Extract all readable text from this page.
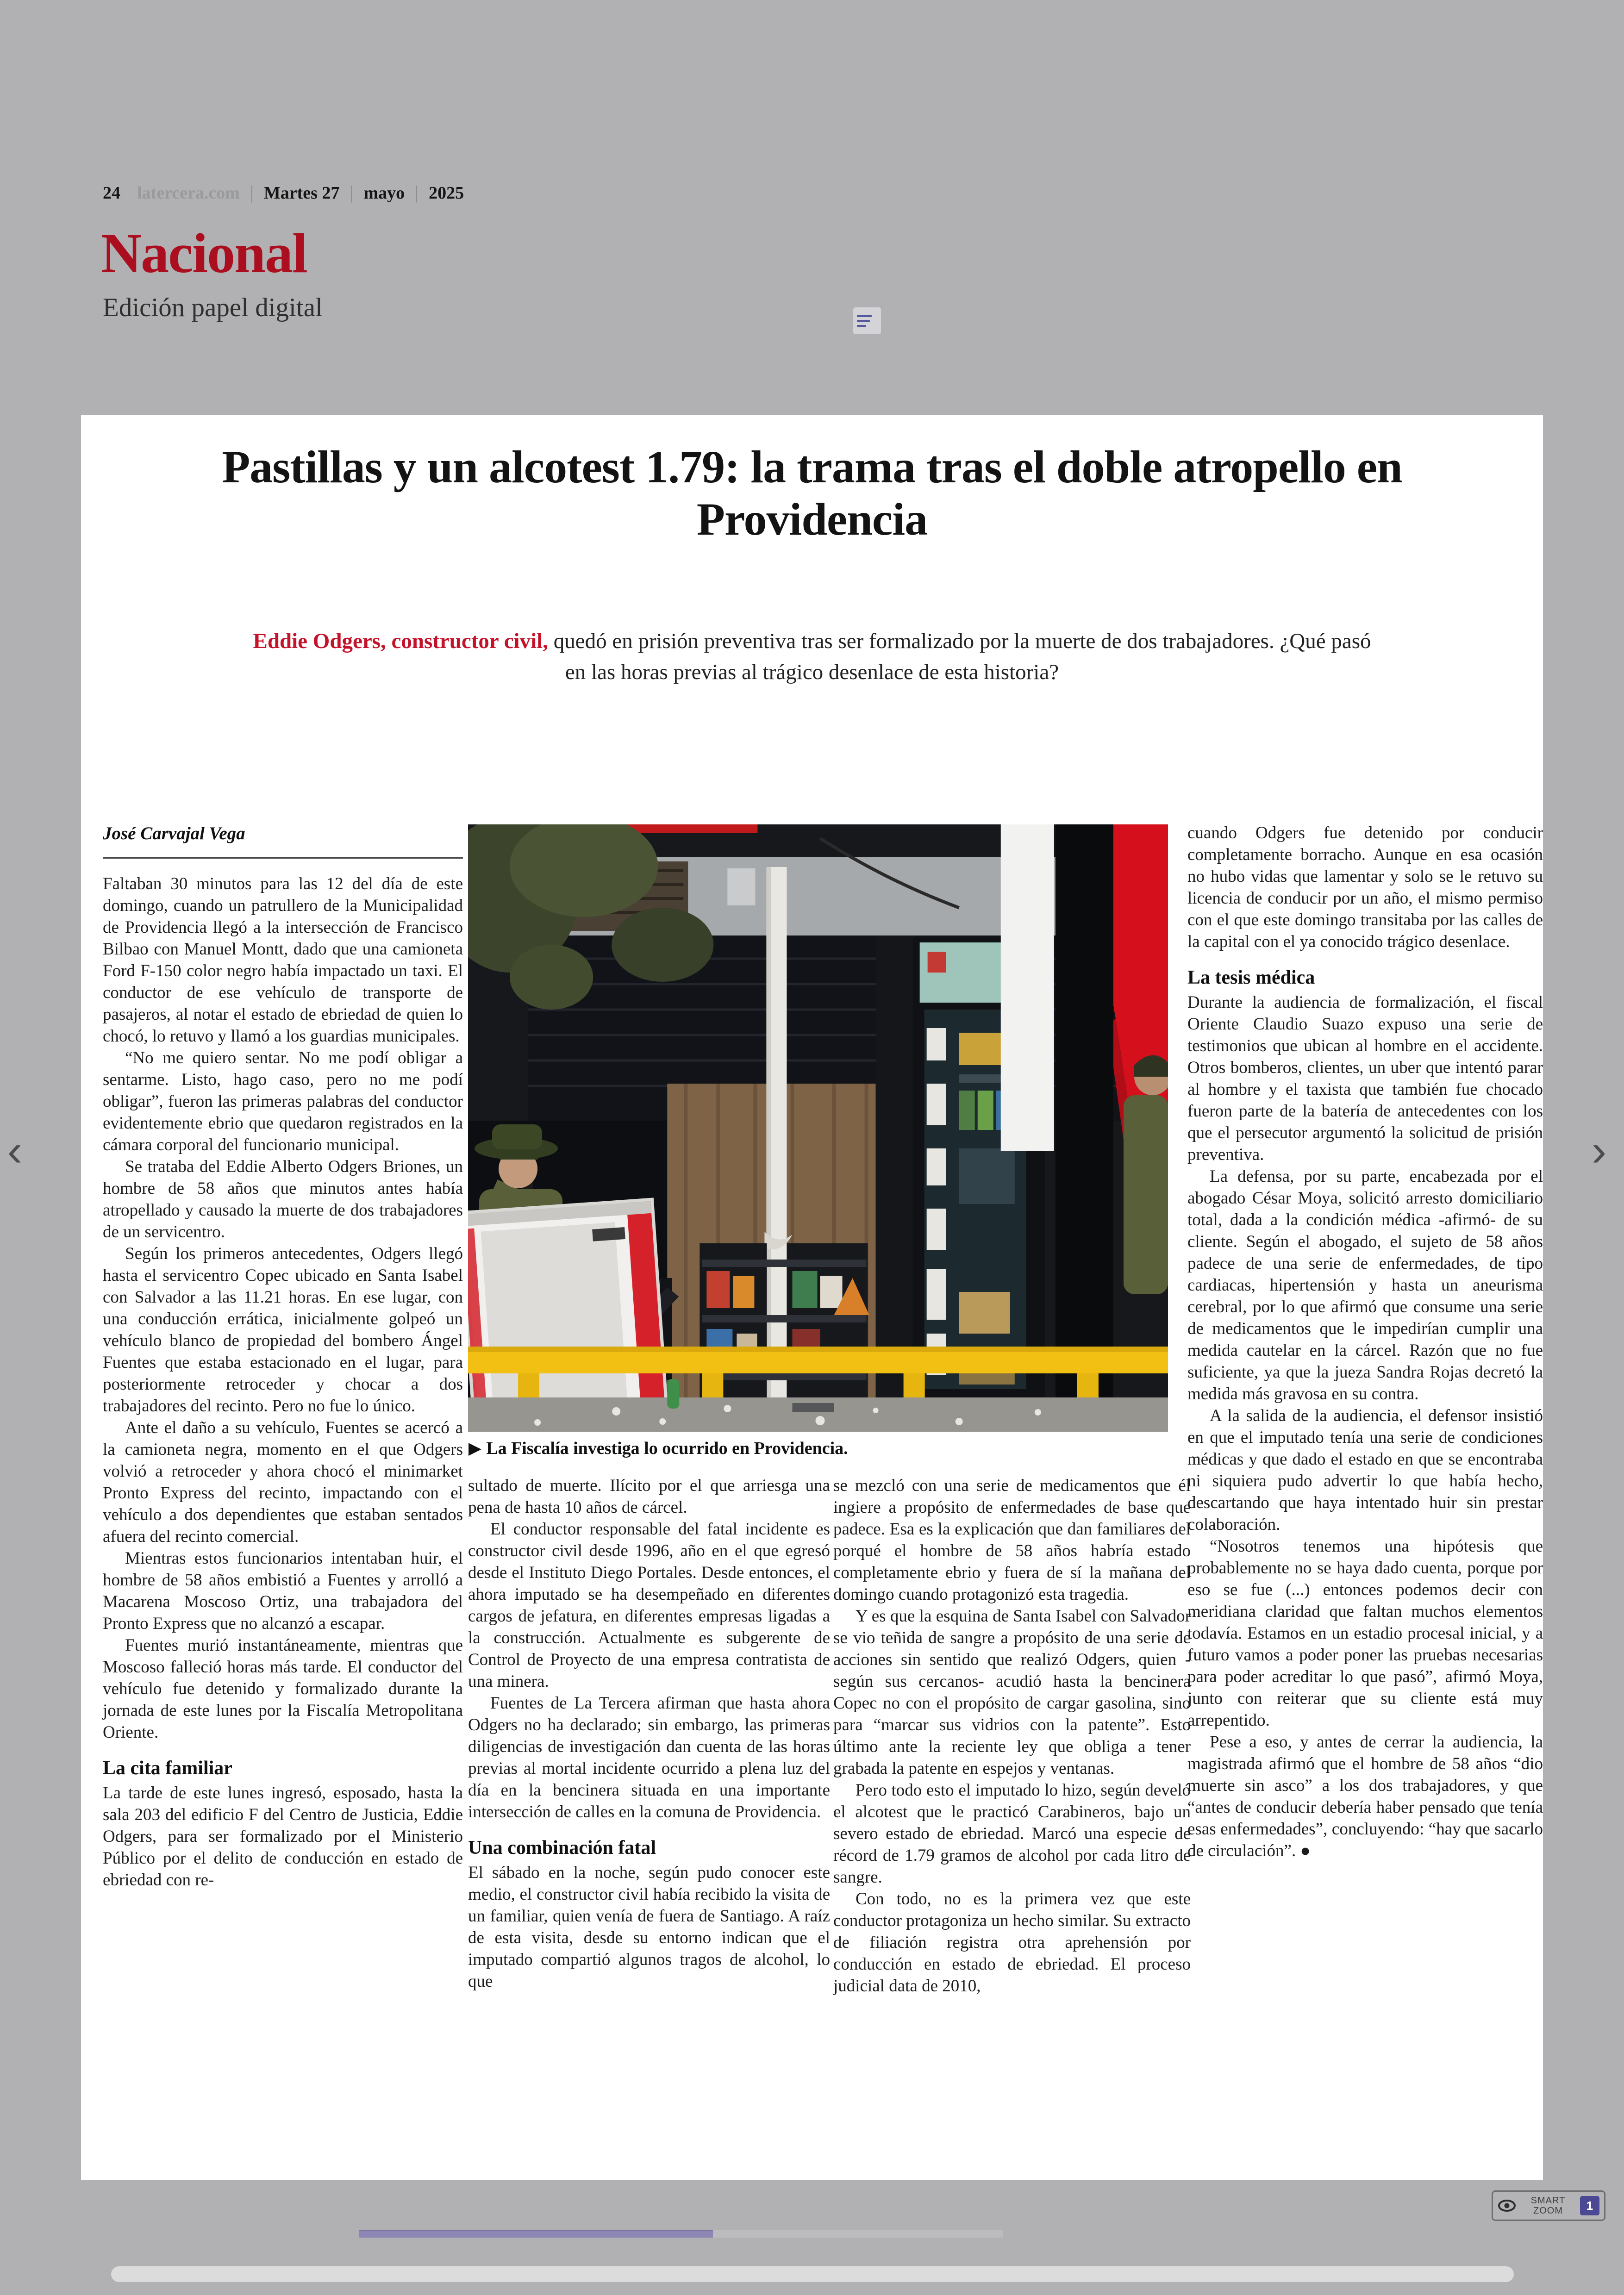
24 latercera.com | Martes 27 | mayo | 2025
Nacional
Edición papel digital
Pastillas y un alcotest 1.79: la trama tras el doble atropello en Providencia
Eddie Odgers, constructor civil, quedó en prisión preventiva tras ser formalizado por la muerte de dos trabajadores. ¿Qué pasó en las horas previas al trágico desenlace de esta historia?
José Carvajal Vega

Faltaban 30 minutos para las 12 del día de este domingo, cuando un patrullero de la Municipalidad de Providencia llegó a la intersección de Francisco Bilbao con Manuel Montt, dado que una camioneta Ford F-150 color negro había impactado un taxi. El conductor de ese vehículo de transporte de pasajeros, al notar el estado de ebriedad de quien lo chocó, lo retuvo y llamó a los guardias municipales.

“No me quiero sentar. No me podí obligar a sentarme. Listo, hago caso, pero no me podí obligar”, fueron las primeras palabras del conductor evidentemente ebrio que quedaron registrados en la cámara corporal del funcionario municipal.

Se trataba del Eddie Alberto Odgers Briones, un hombre de 58 años que minutos antes había atropellado y causado la muerte de dos trabajadores de un servicentro.

Según los primeros antecedentes, Odgers llegó hasta el servicentro Copec ubicado en Santa Isabel con Salvador a las 11.21 horas. En ese lugar, con una conducción errática, inicialmente golpeó un vehículo blanco de propiedad del bombero Ángel Fuentes que estaba estacionado en el lugar, para posteriormente retroceder y chocar a dos trabajadores del recinto. Pero no fue lo único.

Ante el daño a su vehículo, Fuentes se acercó a la camioneta negra, momento en el que Odgers volvió a retroceder y ahora chocó el minimarket Pronto Express del recinto, impactando con el vehículo a dos dependientes que estaban sentados afuera del recinto comercial.

Mientras estos funcionarios intentaban huir, el hombre de 58 años embistió a Fuentes y arrolló a Macarena Moscoso Ortiz, una trabajadora del Pronto Express que no alcanzó a escapar.

Fuentes murió instantáneamente, mientras que Moscoso falleció horas más tarde. El conductor del vehículo fue detenido y formalizado durante la jornada de este lunes por la Fiscalía Metropolitana Oriente.

La cita familiar

La tarde de este lunes ingresó, esposado, hasta la sala 203 del edificio F del Centro de Justicia, Eddie Odgers, para ser formalizado por el Ministerio Público por el delito de conducción en estado de ebriedad con re-

sultado de muerte. Ilícito por el que arriesga una pena de hasta 10 años de cárcel.

El conductor responsable del fatal incidente es constructor civil desde 1996, año en el que egresó desde el Instituto Diego Portales. Desde entonces, el ahora imputado se ha desempeñado en diferentes cargos de jefatura, en diferentes empresas ligadas a la construcción. Actualmente es subgerente de Control de Proyecto de una empresa contratista de una minera.

Fuentes de La Tercera afirman que hasta ahora Odgers no ha declarado; sin embargo, las primeras diligencias de investigación dan cuenta de las horas previas al mortal incidente ocurrido a plena luz del día en la bencinera situada en una importante intersección de calles en la comuna de Providencia.

Una combinación fatal

El sábado en la noche, según pudo conocer este medio, el constructor civil había recibido la visita de un familiar, quien venía de fuera de Santiago. A raíz de esta visita, desde su entorno indican que el imputado compartió algunos tragos de alcohol, lo que

se mezcló con una serie de medicamentos que él ingiere a propósito de enfermedades de base que padece. Esa es la explicación que dan familiares del porqué el hombre de 58 años habría estado completamente ebrio y fuera de sí la mañana del domingo cuando protagonizó esta tragedia.

Y es que la esquina de Santa Isabel con Salvador se vio teñida de sangre a propósito de una serie de acciones sin sentido que realizó Odgers, quien -según sus cercanos- acudió hasta la bencinera Copec no con el propósito de cargar gasolina, sino para “marcar sus vidrios con la patente”. Esto último ante la reciente ley que obliga a tener grabada la patente en espejos y ventanas.

Pero todo esto el imputado lo hizo, según develó el alcotest que le practicó Carabineros, bajo un severo estado de ebriedad. Marcó una especie de récord de 1.79 gramos de alcohol por cada litro de sangre.

Con todo, no es la primera vez que este conductor protagoniza un hecho similar. Su extracto de filiación registra otra aprehensión por conducción en estado de ebriedad. El proceso judicial data de 2010,

cuando Odgers fue detenido por conducir completamente borracho. Aunque en esa ocasión no hubo vidas que lamentar y solo se le retuvo su licencia de conducir por un año, el mismo permiso con el que este domingo transitaba por las calles de la capital con el ya conocido trágico desenlace.

La tesis médica

Durante la audiencia de formalización, el fiscal Oriente Claudio Suazo expuso una serie de testimonios que ubican al hombre en el accidente. Otros bomberos, clientes, un uber que intentó parar al hombre y el taxista que también fue chocado fueron parte de la batería de antecedentes con los que el persecutor argumentó la solicitud de prisión preventiva.

La defensa, por su parte, encabezada por el abogado César Moya, solicitó arresto domiciliario total, dada a la condición médica -afirmó- de su cliente. Según el abogado, el sujeto de 58 años padece de una serie de enfermedades, de tipo cardiacas, hipertensión y hasta un aneurisma cerebral, por lo que afirmó que consume una serie de medicamentos que le impedirían cumplir una medida cautelar en la cárcel. Razón que no fue suficiente, ya que la jueza Sandra Rojas decretó la medida más gravosa en su contra.

A la salida de la audiencia, el defensor insistió en que el imputado tenía una serie de condiciones médicas y que dado el estado en que se encontraba ni siquiera pudo advertir lo que había hecho, descartando que haya intentado huir sin prestar colaboración.

“Nosotros tenemos una hipótesis que probablemente no se haya dado cuenta, porque por eso se fue (...) entonces podemos decir con meridiana claridad que faltan muchos elementos todavía. Estamos en un estadio procesal inicial, y a futuro vamos a poder poner las pruebas necesarias para poder acreditar lo que pasó”, afirmó Moya, junto con reiterar que su cliente está muy arrepentido.

Pese a eso, y antes de cerrar la audiencia, la magistrada afirmó que el hombre de 58 años “dio muerte sin asco” a los dos trabajadores, y que “antes de conducir debería haber pensado que tenía esas enfermedades”, concluyendo: “hay que sacarlo de circulación”. ●

▶ La Fiscalía investiga lo ocurrido en Providencia.
‹	›
SMART
ZOOM	1
